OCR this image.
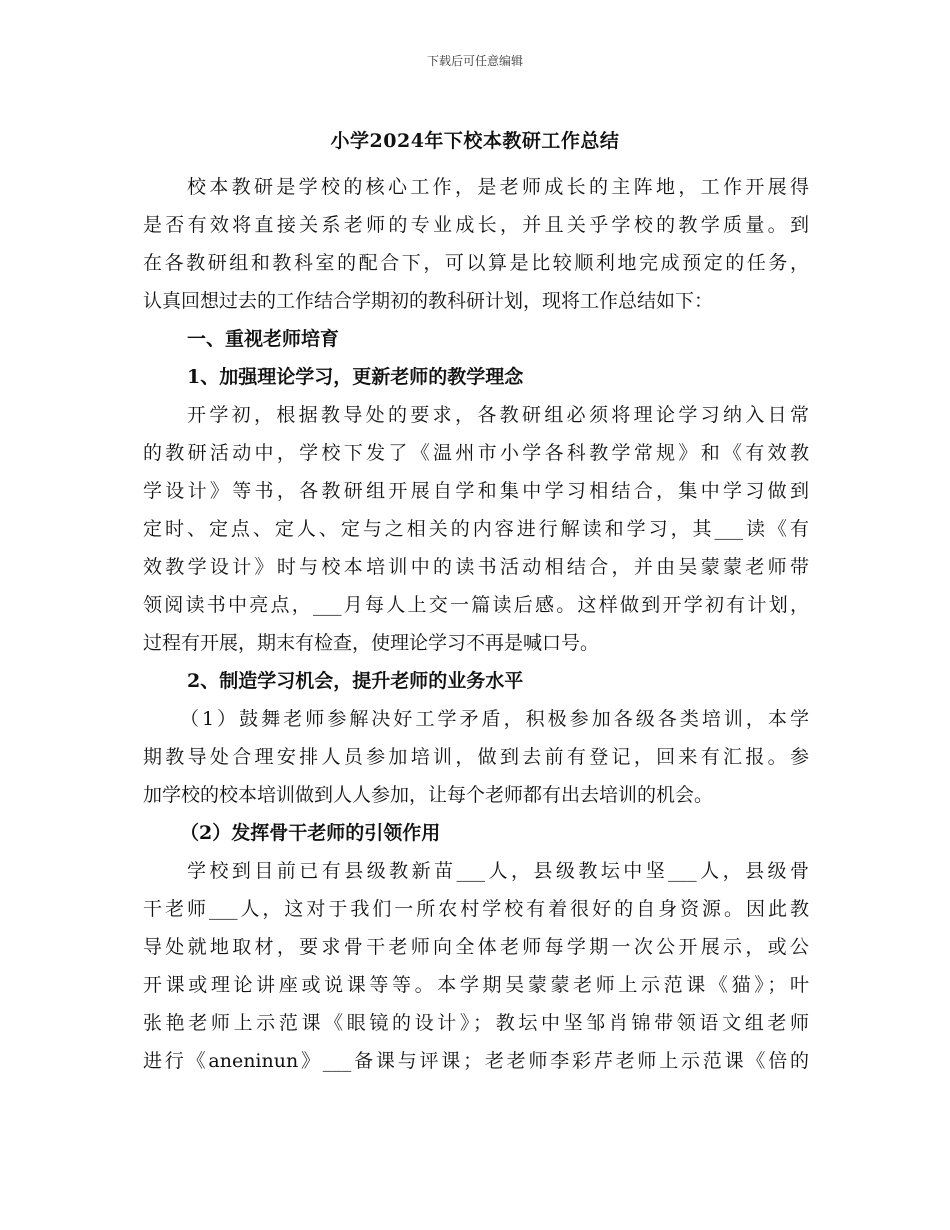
下载后可任意编辑
小学2024年下校本教研工作总结
校本教研是学校的核心工作，是老师成长的主阵地，工作开展得
是否有效将直接关系老师的专业成长，并且关乎学校的教学质量。到
在各教研组和教科室的配合下，可以算是比较顺利地完成预定的任务，
认真回想过去的工作结合学期初的教科研计划，现将工作总结如下：
一、重视老师培育
1、加强理论学习，更新老师的教学理念
开学初，根据教导处的要求，各教研组必须将理论学习纳入日常
的教研活动中，学校下发了《温州市小学各科教学常规》和《有效教
学设计》等书，各教研组开展自学和集中学习相结合，集中学习做到
定时、定点、定人、定与之相关的内容进行解读和学习，其___读《有
效教学设计》时与校本培训中的读书活动相结合，并由吴蒙蒙老师带
领阅读书中亮点，___月每人上交一篇读后感。这样做到开学初有计划，
过程有开展，期末有检查，使理论学习不再是喊口号。
2、制造学习机会，提升老师的业务水平
（1）鼓舞老师参解决好工学矛盾，积极参加各级各类培训，本学
期教导处合理安排人员参加培训，做到去前有登记，回来有汇报。参
加学校的校本培训做到人人参加，让每个老师都有出去培训的机会。
（2）发挥骨干老师的引领作用
学校到目前已有县级教新苗___人，县级教坛中坚___人，县级骨
干老师___人，这对于我们一所农村学校有着很好的自身资源。因此教
导处就地取材，要求骨干老师向全体老师每学期一次公开展示，或公
开课或理论讲座或说课等等。本学期吴蒙蒙老师上示范课《猫》；叶
张艳老师上示范课《眼镜的设计》；教坛中坚邹肖锦带领语文组老师
进行《aneninun》___备课与评课；老老师李彩芹老师上示范课《倍的
